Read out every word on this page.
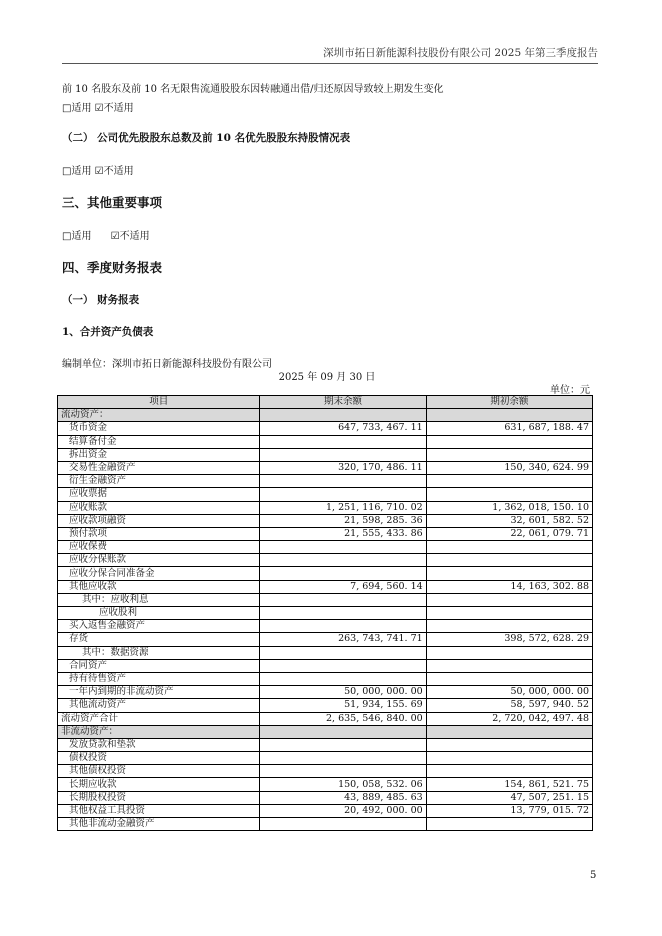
深圳市拓日新能源科技股份有限公司 2025 年第三季度报告
前 10 名股东及前 10 名无限售流通股股东因转融通出借/归还原因导致较上期发生变化
□适用 ☑不适用
（二） 公司优先股股东总数及前 10 名优先股股东持股情况表
□适用 ☑不适用
三、其他重要事项
□适用 ☑不适用
四、季度财务报表
（一） 财务报表
1、合并资产负债表
编制单位：深圳市拓日新能源科技股份有限公司
2025 年 09 月 30 日
单位：元
项目	期末余额	期初余额
流动资产：		
货币资金	647, 733, 467. 11	631, 687, 188. 47
结算备付金		
拆出资金		
交易性金融资产	320, 170, 486. 11	150, 340, 624. 99
衍生金融资产		
应收票据		
应收账款	1, 251, 116, 710. 02	1, 362, 018, 150. 10
应收款项融资	21, 598, 285. 36	32, 601, 582. 52
预付款项	21, 555, 433. 86	22, 061, 079. 71
应收保费		
应收分保账款		
应收分保合同准备金		
其他应收款	7, 694, 560. 14	14, 163, 302. 88
其中：应收利息		
应收股利		
买入返售金融资产		
存货	263, 743, 741. 71	398, 572, 628. 29
其中：数据资源		
合同资产		
持有待售资产		
一年内到期的非流动资产	50, 000, 000. 00	50, 000, 000. 00
其他流动资产	51, 934, 155. 69	58, 597, 940. 52
流动资产合计	2, 635, 546, 840. 00	2, 720, 042, 497. 48
非流动资产：		
发放贷款和垫款		
债权投资		
其他债权投资		
长期应收款	150, 058, 532. 06	154, 861, 521. 75
长期股权投资	43, 889, 485. 63	47, 507, 251. 15
其他权益工具投资	20, 492, 000. 00	13, 779, 015. 72
其他非流动金融资产		
5
